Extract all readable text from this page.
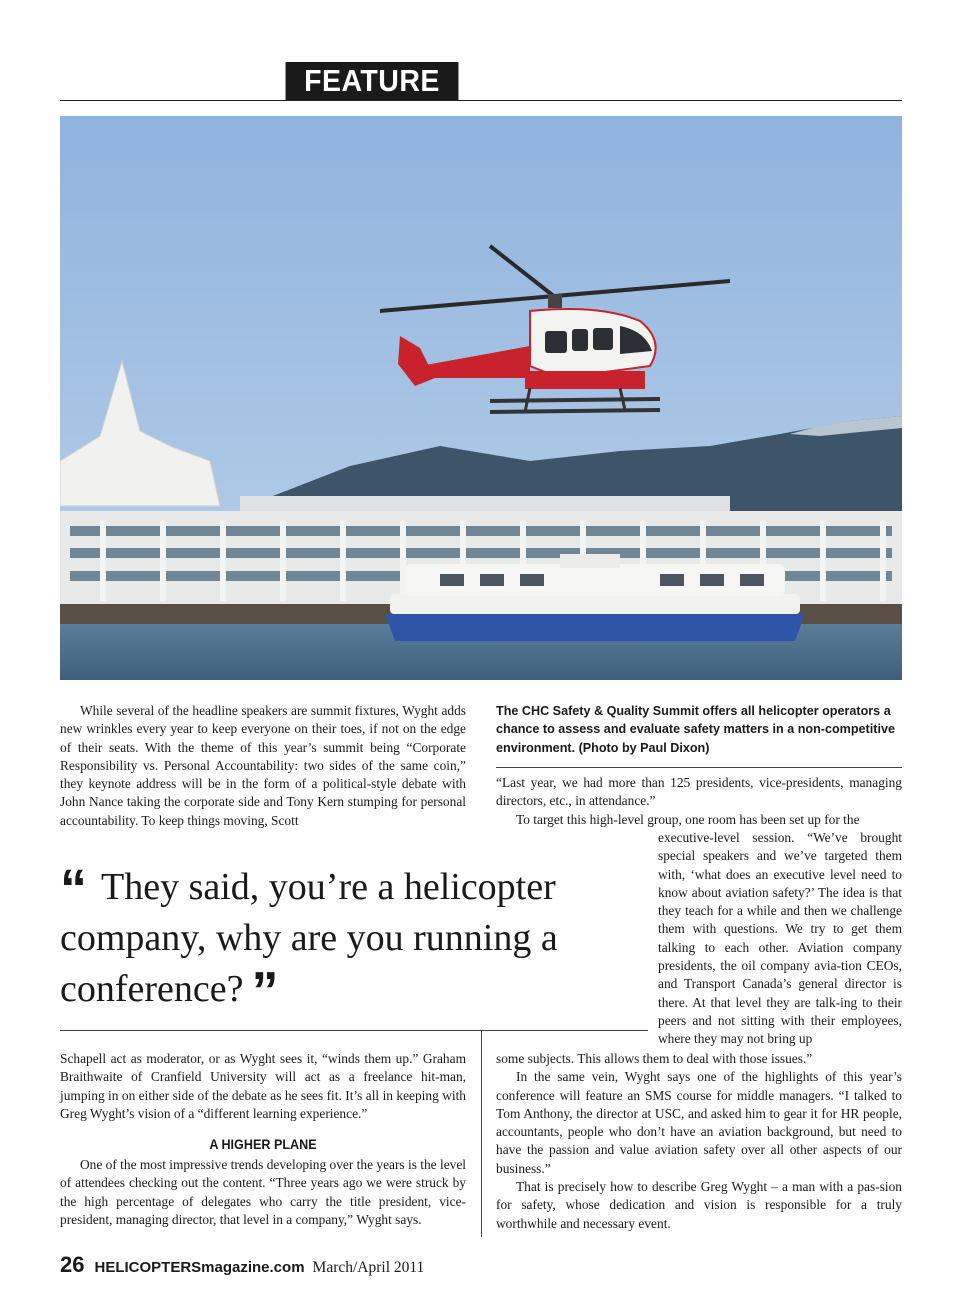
FEATURE

While several of the headline speakers are summit fixtures, Wyght adds new wrinkles every year to keep everyone on their toes, if not on the edge of their seats. With the theme of this year’s summit being “Corporate Responsibility vs. Personal Accountability: two sides of the same coin,” they keynote address will be in the form of a political-style debate with John Nance taking the corporate side and Tony Kern stumping for personal accountability. To keep things moving, Scott

The CHC Safety & Quality Summit offers all helicopter operators a chance to assess and evaluate safety matters in a non-competitive environment. (Photo by Paul Dixon)

“Last year, we had more than 125 presidents, vice-presidents, managing directors, etc., in attendance.”

To target this high-level group, one room has been set up for the

executive-level session. “We’ve brought special speakers and we’ve targeted them with, ‘what does an executive level need to know about aviation safety?’ The idea is that they teach for a while and then we challenge them with questions. We try to get them talking to each other. Aviation company presidents, the oil company avia-tion CEOs, and Transport Canada’s general director is there. At that level they are talk-ing to their peers and not sitting with their employees, where they may not bring up

“ They said, you’re a helicopter company, why are you running a conference? ”

Schapell act as moderator, or as Wyght sees it, “winds them up.” Graham Braithwaite of Cranfield University will act as a freelance hit-man, jumping in on either side of the debate as he sees fit. It’s all in keeping with Greg Wyght’s vision of a “different learning experience.”

A HIGHER PLANE

One of the most impressive trends developing over the years is the level of attendees checking out the content. “Three years ago we were struck by the high percentage of delegates who carry the title president, vice-president, managing director, that level in a company,” Wyght says.

some subjects. This allows them to deal with those issues.”

In the same vein, Wyght says one of the highlights of this year’s conference will feature an SMS course for middle managers. “I talked to Tom Anthony, the director at USC, and asked him to gear it for HR people, accountants, people who don’t have an aviation background, but need to have the passion and value aviation safety over all other aspects of our business.”

That is precisely how to describe Greg Wyght – a man with a pas-sion for safety, whose dedication and vision is responsible for a truly worthwhile and necessary event.

26 HELICOPTERSmagazine.com March/April 2011
